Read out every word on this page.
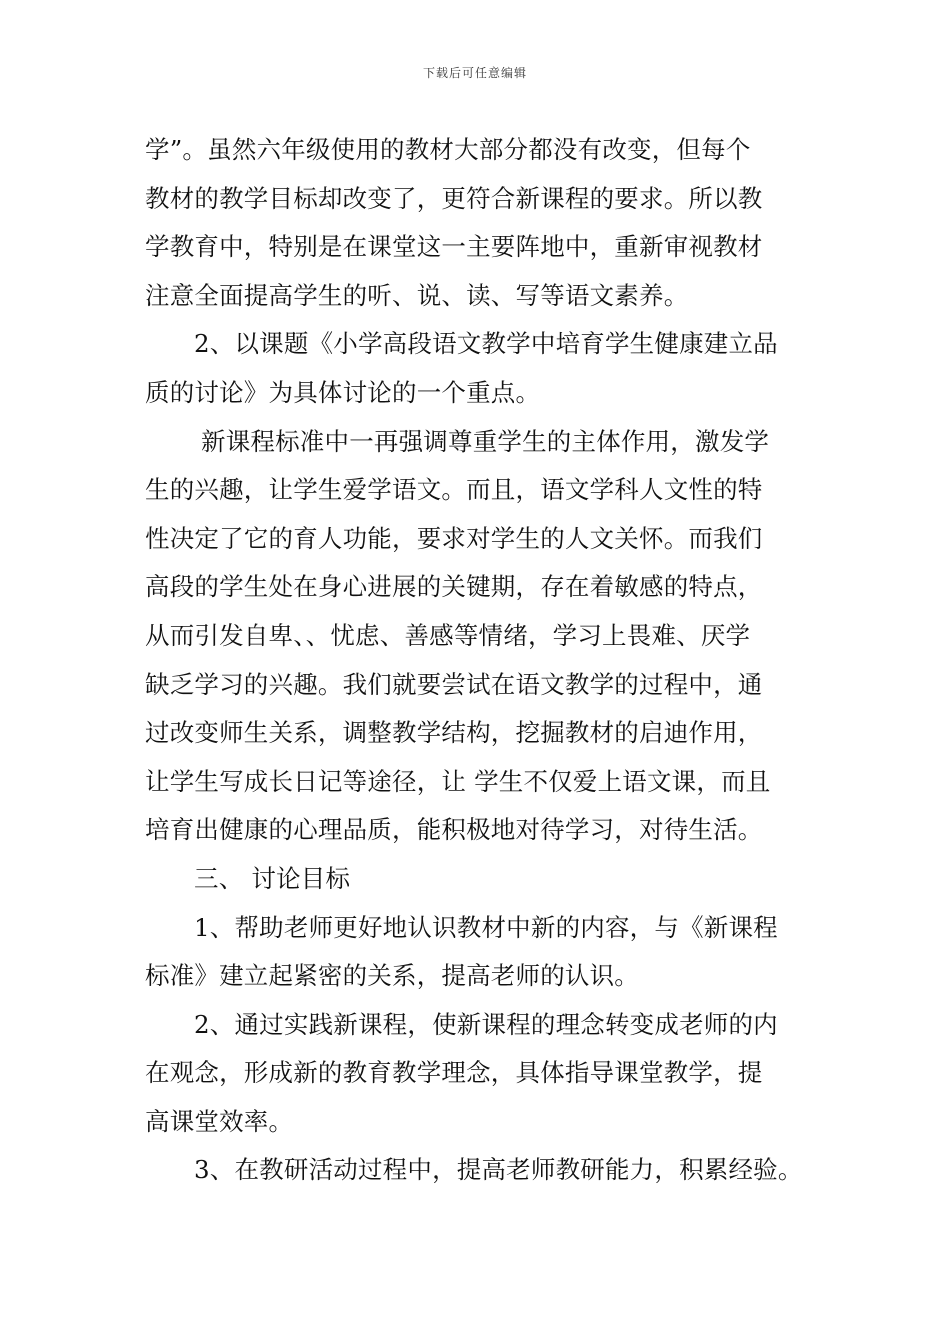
下载后可任意编辑
学”。虽然六年级使用的教材大部分都没有改变，但每个
教材的教学目标却改变了，更符合新课程的要求。所以教
学教育中，特别是在课堂这一主要阵地中，重新审视教材
注意全面提高学生的听、说、读、写等语文素养。
2、以课题《小学高段语文教学中培育学生健康建立品
质的讨论》为具体讨论的一个重点。
新课程标准中一再强调尊重学生的主体作用，激发学
生的兴趣，让学生爱学语文。而且，语文学科人文性的特
性决定了它的育人功能，要求对学生的人文关怀。而我们
高段的学生处在身心进展的关键期，存在着敏感的特点，
从而引发自卑、、忧虑、善感等情绪，学习上畏难、厌学
缺乏学习的兴趣。我们就要尝试在语文教学的过程中，通
过改变师生关系，调整教学结构，挖掘教材的启迪作用，
让学生写成长日记等途径，让 学生不仅爱上语文课，而且
培育出健康的心理品质，能积极地对待学习，对待生活。
三、 讨论目标
1、帮助老师更好地认识教材中新的内容，与《新课程
标准》建立起紧密的关系，提高老师的认识。
2、通过实践新课程，使新课程的理念转变成老师的内
在观念，形成新的教育教学理念，具体指导课堂教学，提
高课堂效率。
3、在教研活动过程中，提高老师教研能力，积累经验。
